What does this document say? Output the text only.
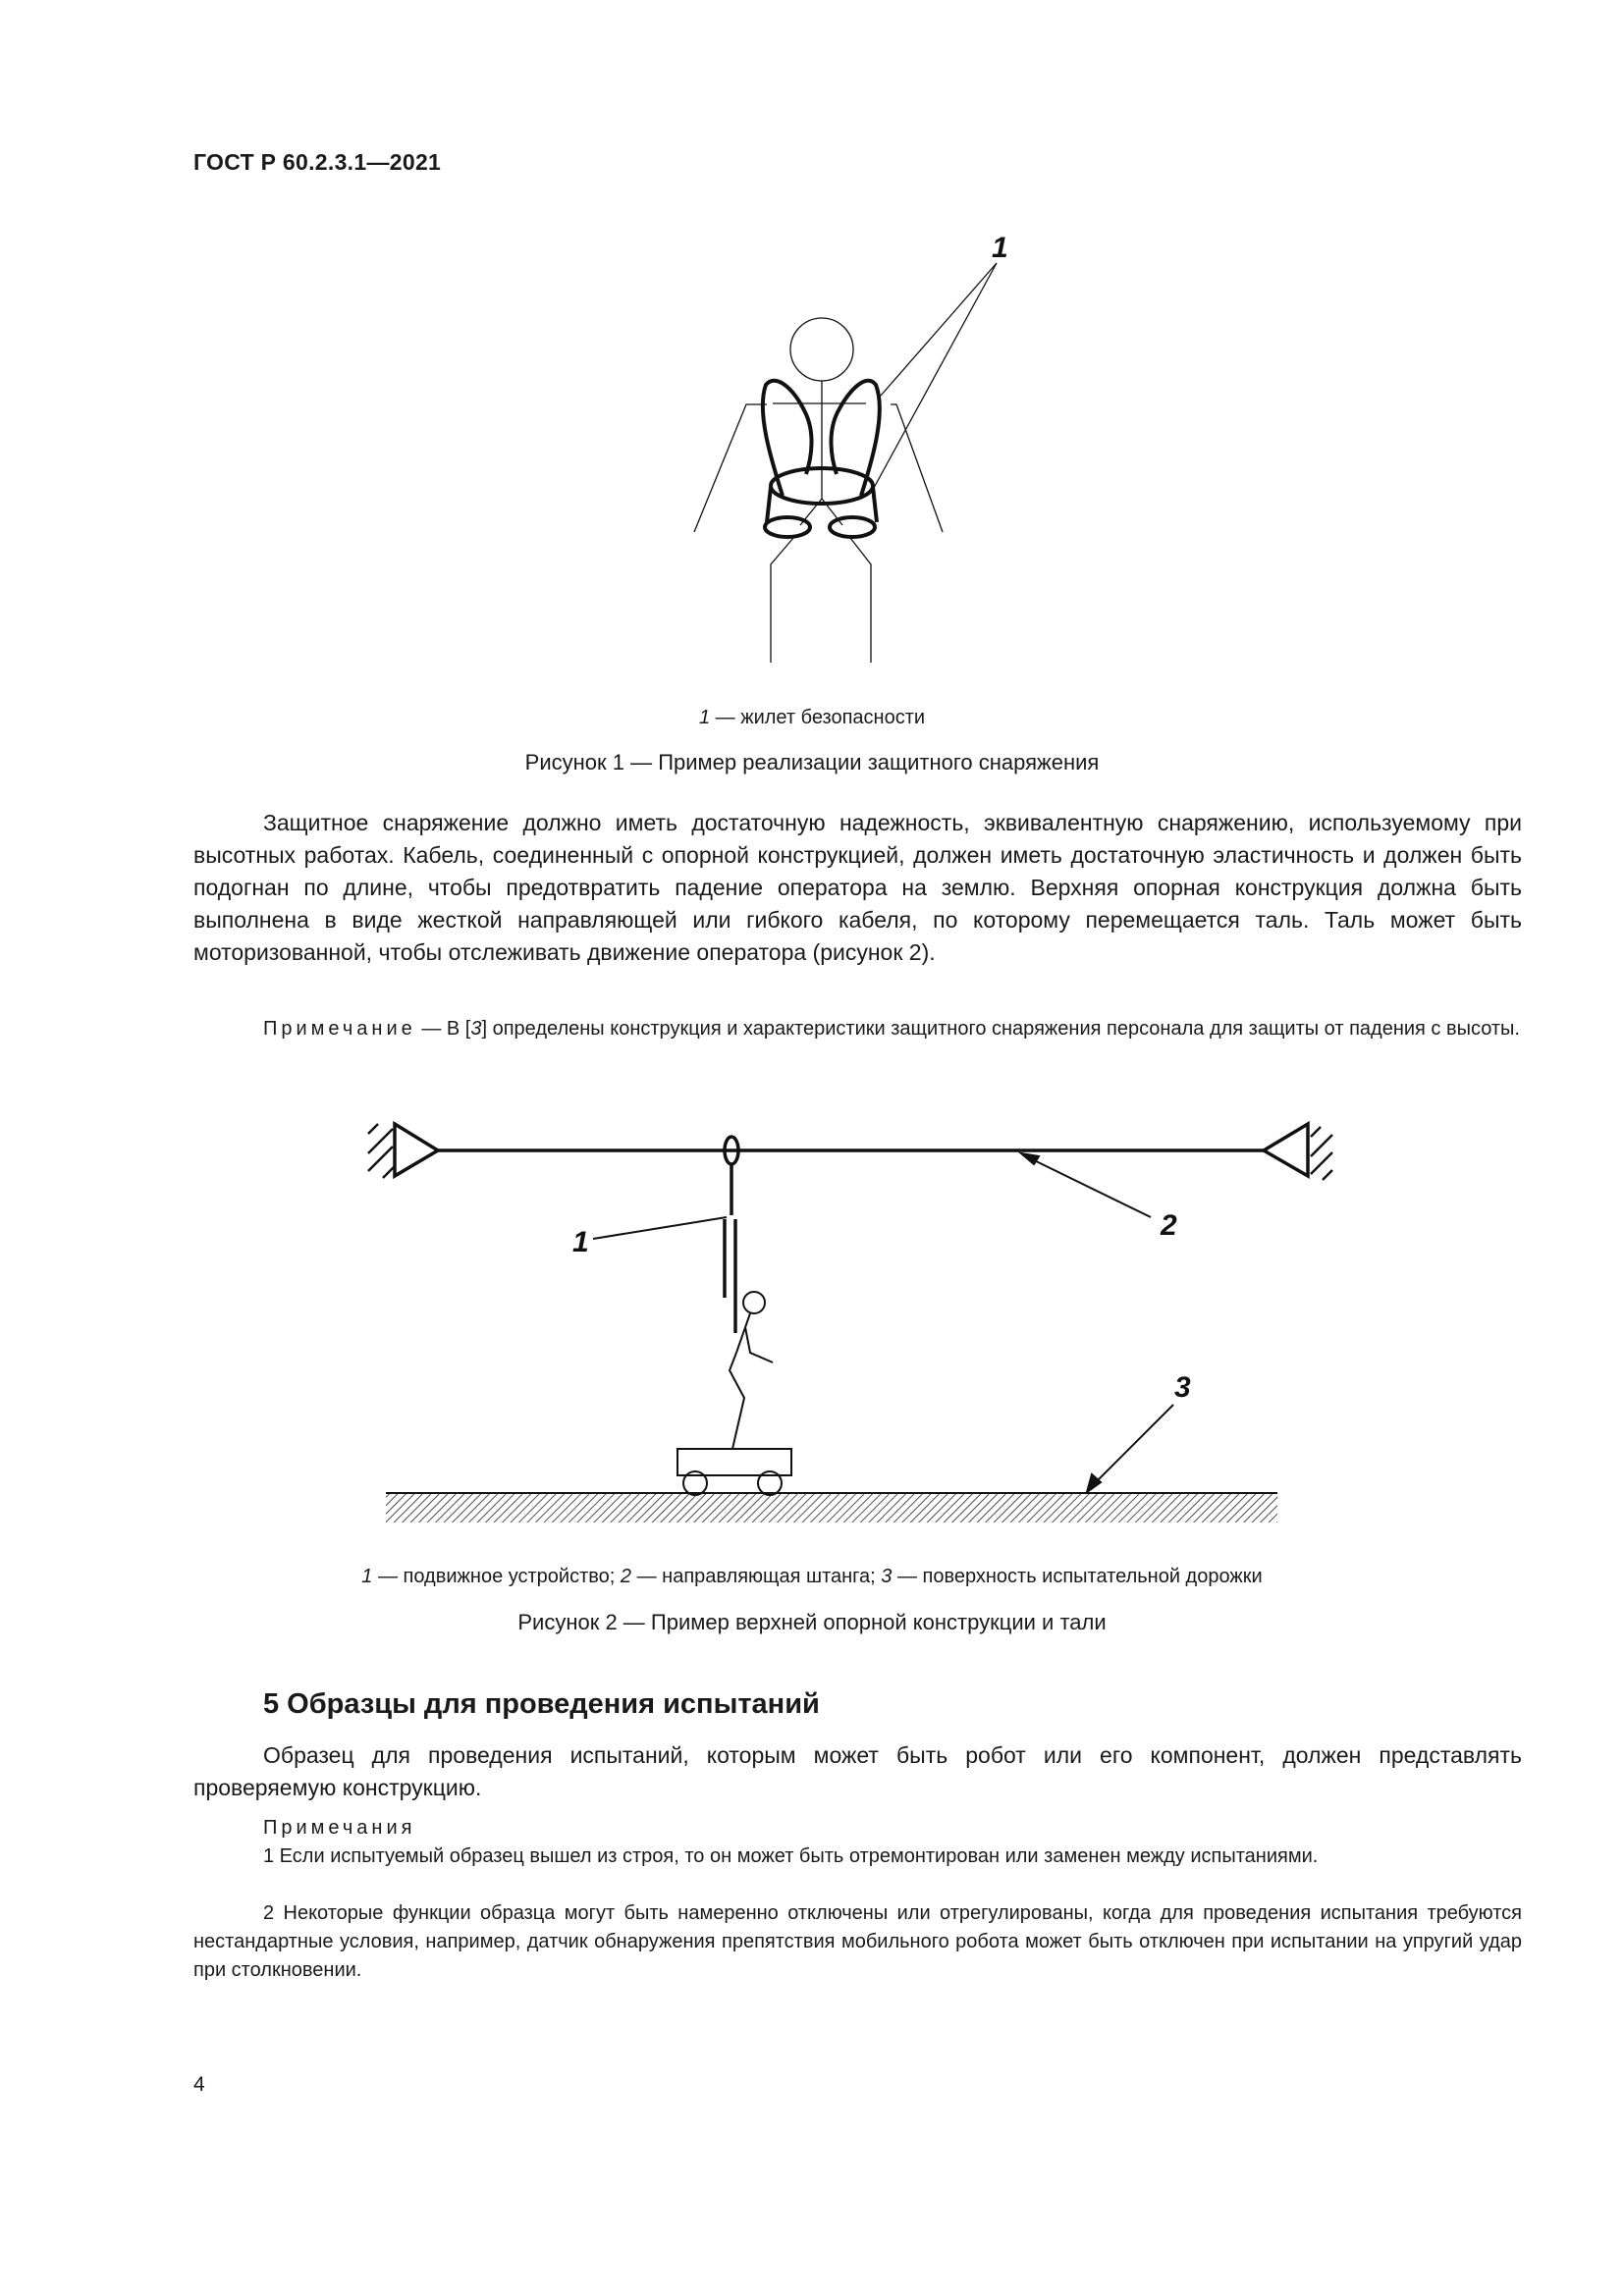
ГОСТ Р 60.2.3.1—2021
1
1 — жилет безопасности
Рисунок 1 — Пример реализации защитного снаряжения

Защитное снаряжение должно иметь достаточную надежность, эквивалентную снаряжению, используемому при высотных работах. Кабель, соединенный с опорной конструкцией, должен иметь достаточную эластичность и должен быть подогнан по длине, чтобы предотвратить падение оператора на землю. Верхняя опорная конструкция должна быть выполнена в виде жесткой направляющей или гибкого кабеля, по которому перемещается таль. Таль может быть моторизованной, чтобы отслеживать движение оператора (рисунок 2).

Примечание — В [3] определены конструкция и характеристики защитного снаряжения персонала для защиты от падения с высоты.

1
2
3
1 — подвижное устройство; 2 — направляющая штанга; 3 — поверхность испытательной дорожки
Рисунок 2 — Пример верхней опорной конструкции и тали
5 Образцы для проведения испытаний

Образец для проведения испытаний, которым может быть робот или его компонент, должен представлять проверяемую конструкцию.

Примечания

1 Если испытуемый образец вышел из строя, то он может быть отремонтирован или заменен между испытаниями.

2 Некоторые функции образца могут быть намеренно отключены или отрегулированы, когда для проведения испытания требуются нестандартные условия, например, датчик обнаружения препятствия мобильного робота может быть отключен при испытании на упругий удар при столкновении.

4
